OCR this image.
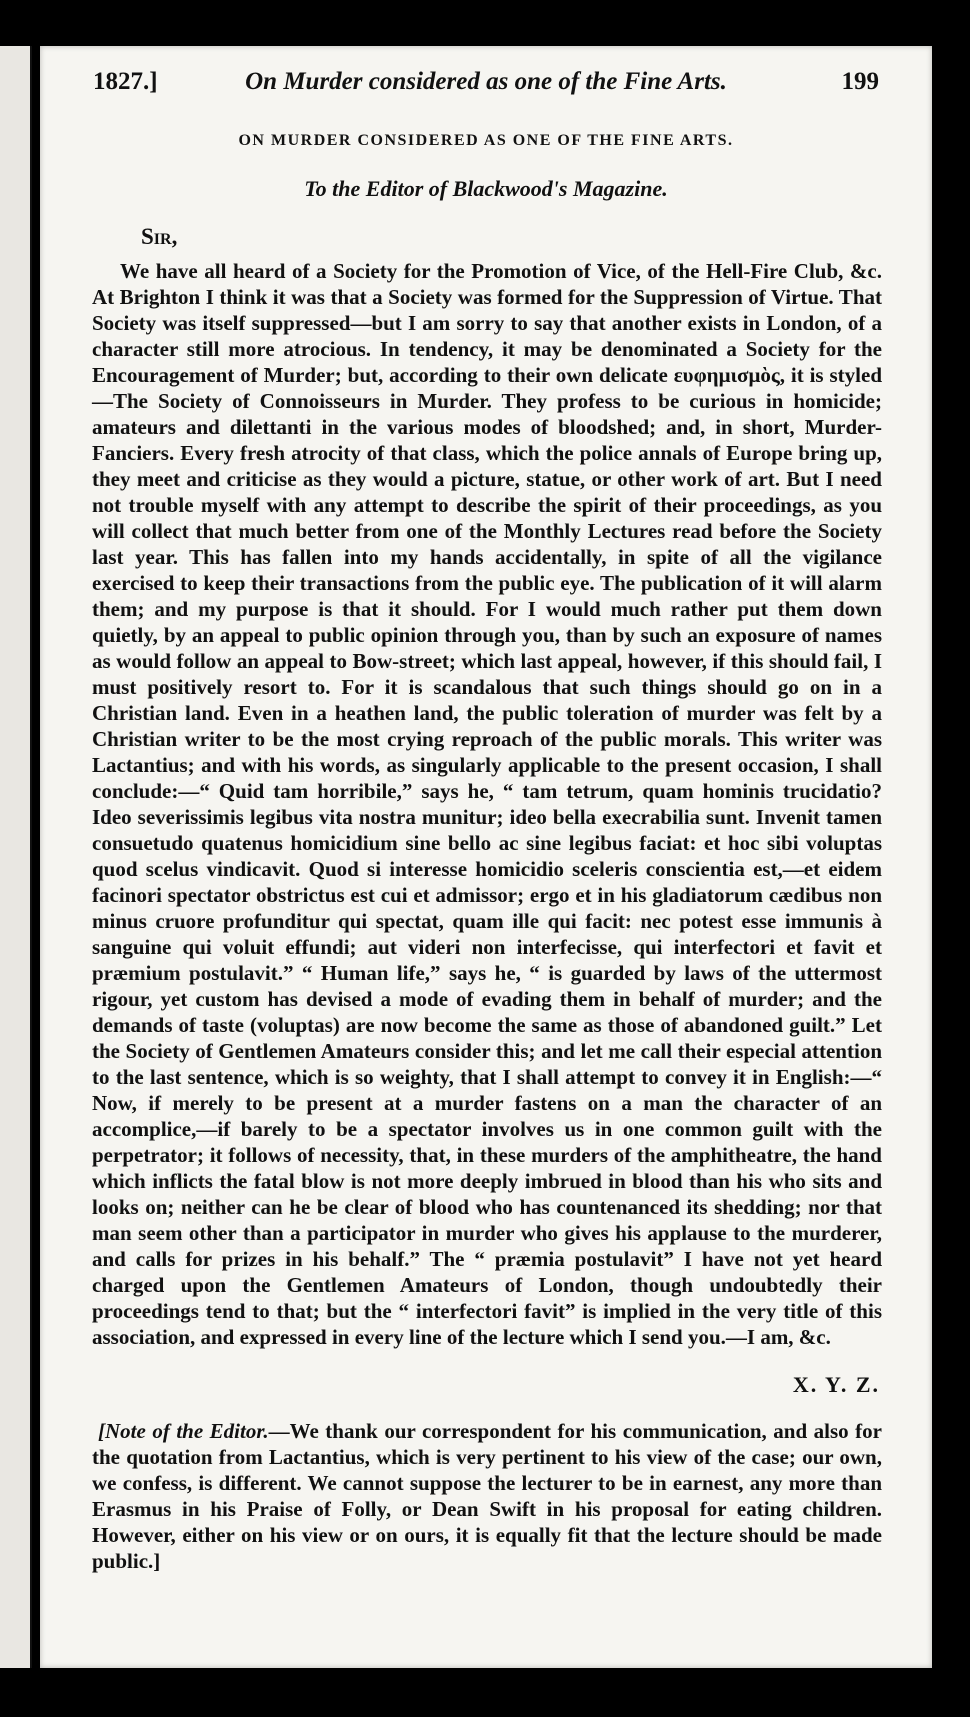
1827.]	On Murder considered as one of the Fine Arts.	199
ON MURDER CONSIDERED AS ONE OF THE FINE ARTS.
To the Editor of Blackwood's Magazine.
Sir,
We have all heard of a Society for the Promotion of Vice, of the Hell-Fire Club, &c. At Brighton I think it was that a Society was formed for the Suppression of Virtue. That Society was itself suppressed—but I am sorry to say that another exists in London, of a character still more atrocious. In tendency, it may be denominated a Society for the Encouragement of Murder; but, according to their own delicate ευφημισμὸς, it is styled—The Society of Connoisseurs in Murder. They profess to be curious in homicide; amateurs and dilettanti in the various modes of bloodshed; and, in short, Murder-Fanciers. Every fresh atrocity of that class, which the police annals of Europe bring up, they meet and criticise as they would a picture, statue, or other work of art. But I need not trouble myself with any attempt to describe the spirit of their proceedings, as you will collect that much better from one of the Monthly Lectures read before the Society last year. This has fallen into my hands accidentally, in spite of all the vigilance exercised to keep their transactions from the public eye. The publication of it will alarm them; and my purpose is that it should. For I would much rather put them down quietly, by an appeal to public opinion through you, than by such an exposure of names as would follow an appeal to Bow-street; which last appeal, however, if this should fail, I must positively resort to. For it is scandalous that such things should go on in a Christian land. Even in a heathen land, the public toleration of murder was felt by a Christian writer to be the most crying reproach of the public morals. This writer was Lactantius; and with his words, as singularly applicable to the present occasion, I shall conclude:—“ Quid tam horribile,” says he, “ tam tetrum, quam hominis trucidatio? Ideo severissimis legibus vita nostra munitur; ideo bella execrabilia sunt. Invenit tamen consuetudo quatenus homicidium sine bello ac sine legibus faciat: et hoc sibi voluptas quod scelus vindicavit. Quod si interesse homicidio sceleris conscientia est,—et eidem facinori spectator obstrictus est cui et admissor; ergo et in his gladiatorum cædibus non minus cruore profunditur qui spectat, quam ille qui facit: nec potest esse immunis à sanguine qui voluit effundi; aut videri non interfecisse, qui interfectori et favit et præmium postulavit.” “ Human life,” says he, “ is guarded by laws of the uttermost rigour, yet custom has devised a mode of evading them in behalf of murder; and the demands of taste (voluptas) are now become the same as those of abandoned guilt.” Let the Society of Gentlemen Amateurs consider this; and let me call their especial attention to the last sentence, which is so weighty, that I shall attempt to convey it in English:—“ Now, if merely to be present at a murder fastens on a man the character of an accomplice,—if barely to be a spectator involves us in one common guilt with the perpetrator; it follows of necessity, that, in these murders of the amphitheatre, the hand which inflicts the fatal blow is not more deeply imbrued in blood than his who sits and looks on; neither can he be clear of blood who has countenanced its shedding; nor that man seem other than a participator in murder who gives his applause to the murderer, and calls for prizes in his behalf.” The “ præmia postulavit” I have not yet heard charged upon the Gentlemen Amateurs of London, though undoubtedly their proceedings tend to that; but the “ interfectori favit” is implied in the very title of this association, and expressed in every line of the lecture which I send you.—I am, &c.
X. Y. Z.
[Note of the Editor.—We thank our correspondent for his communication, and also for the quotation from Lactantius, which is very pertinent to his view of the case; our own, we confess, is different. We cannot suppose the lecturer to be in earnest, any more than Erasmus in his Praise of Folly, or Dean Swift in his proposal for eating children. However, either on his view or on ours, it is equally fit that the lecture should be made public.]
